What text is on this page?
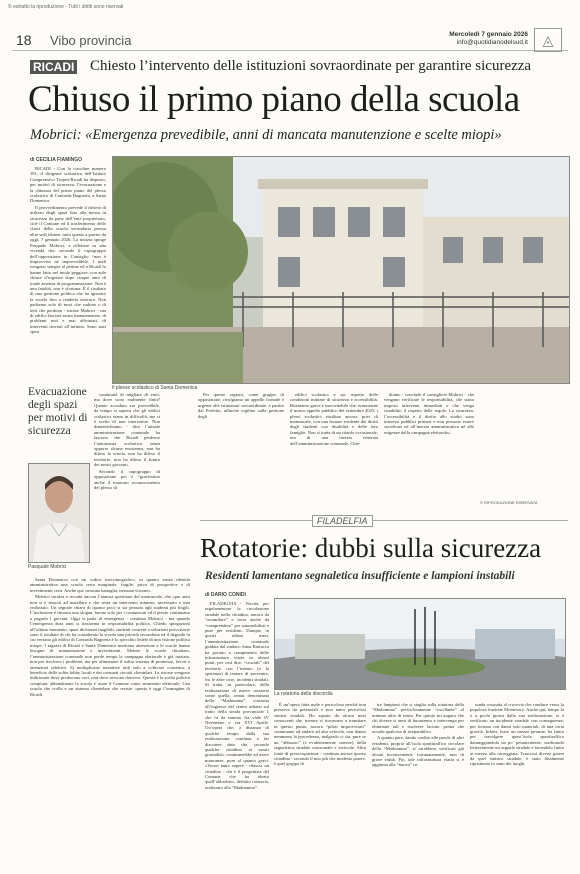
© estratto la riproduzione - Tutti i diritti sono riservati
18 Vibo provincia	Mercoledì 7 gennaio 2026
info@quotidianodelsud.it	◬
RICADI Chiesto l’intervento delle istituzioni sovraordinate per garantire sicurezza
Chiuso il primo piano della scuola
Mobrici: «Emergenza prevedibile, anni di mancata manutenzione e scelte miopi»
di CECILIA FIAMINGO

RICADI - Con la circolare numero 181, il dirigente scolastico dell’Istituto Comprensivo Tropea-Ricadi ha disposto, per motivi di sicurezza, l’evacuazione e la chiusura del primo piano del plesso scolastico di Contrada Bagnería, a Santa Domenica.

Il provvedimento prevede il divieto di utilizzo degli spazi fino alla messa in sicurezza da parte dell’ente proprietario, cioè il Comune ed il trasferimento delle classi della scuola secondaria presso altre sedi idonee, tutto questo a partire da oggi, 7 gennaio 2026. La notizia spinge Pasquale Mobrici, a riflettere su una vicenda che, secondo il capogruppo dell’opposizione in Consiglio “non è improvvisa né imprevedibile. I nodi vengono sempre al pettine ed a Ricadi lo hanno fatto nel modo peggiore: con aule chiuse d’urgenza dopo cinque anni di totale assenza di programmazione. Non è una fatalità, non è sfortuna. È il risultato di una gestione politica che ha ignorato la scuola fino a renderla insicura. Non parliamo solo di muri che cadono o di tetti che perdono - insiste Mobrici - ma di edifici lasciati senza manutenzione, di problemi noti e mai affrontati, di interventi rinviati all’infinito. Sono stati spesi

Il plesso scolastico di Santa Domenica
Evacuazione degli spazi per motivi di sicurezza
Pasquale Mobrici

continuità di migliaia di euro, ma dove sono realmente finiti? Quanto accaduto era prevedibile, da tempo si sapeva che gli edifici scolastici erano in difficoltà, ma si è scelto di non intervenire. Non dimentichiamo - dice l’attuale amministrazione comunale ha lasciato che Ricadi perdesse l’autonomia scolastica senza opporre alcuna resistenza, non ha difeso la scuola, non ha difeso il territorio, non ha difeso il futuro dei nostri giovani».

Secondo il capogruppo di opposizione poi è “gravissimo anche il mancato riconoscimento del plesso di

Santa Domenica con un codice meccanografico, in quanto senza identità amministrativa una scuola resta marginale, fragile, priva di prospettive e di investimenti certi. Anche qui: nessuna battaglia, nessuna visione».

Mobrici incalza e ricorda ancora l’annosa questione del montascale, che «per anni non si è riusciti ad installare e che resta un intervento minimo, necessario e mai realizzato. Un segnale chiaro di quanto poco si sia pensato agli studenti più fragili. L’inclusione è rimasta uno slogan, buono solo per i comunicati ed il presto continuano a pagarlo i giovani. Oggi si parla di emergenza - continua Mobrici - ma quando l’emergenza dura anni si trasforma in responsabilità politica. Chiedo spiegazioni all’ultimo momento, spazi dichiarati inagibili, studenti costretti a soluzioni provvisorie sono il risultato di chi ha considerato la scuola una priorità secondaria ed il degrado in cui versano gli edifici di Contrada Bagnería è lo specchio fedele di una visione politica miope. I ragazzi di Ricadi e Santa Domenica meritano attenzione e le scuole hanno bisogno di manutenzione e investimenti. Mentre le scuole chiudono, l’amministrazione comunale non perde tempo la campagna elettorale è già iniziata, non per risolvere i problemi, ma per alimentare il solito sistema di promesse, favori e attenzioni selettive. Si moltiplicano iniziative utili solo a coltivare consenso, a beneficio delle solite lobby locali e dei consueti circuiti clientelari. Le risorse vengono indirizzate dove producono voti, non dove servono davvero. Questa è la scelta politica compiuta: abbandonare la scuola e usare il Comune come strumento elettorale. Una scuola che crolla e un sistema clientelare che resiste: questa è oggi l’immagine di Ricadi.

Per queste ragioni, come gruppo di opposizione, rivolgiamo un appello formale e urgente alle istituzioni sovraordinate, a partire dal Prefetto, affinché vigilino sulla gestione degli

edifici scolastici e sui rispetto delle condizioni minime di sicurezza e accessibilità. Riteniamo grave e inaccettabile che, nonostante il nostro appello pubblico del settembre 2025, i plessi scolastici risultino ancora privi di montascale, con una lesione evidente dei diritti degli studenti con disabilità e delle loro famiglie. Non si tratta di un ritardo occasionale, ma di una inerzia reiterata dell’amministrazione comunale. Chie-

diamo - conclude il consigliere Mobrici - che vengano verificate le responsabilità, che siano imposti interventi immediati e che venga ristabilito il rispetto delle regole. La sicurezza, l’accessibilità e il diritto allo studio sono interessi pubblici primari e non possono essere sacrificati né all’inerzia amministrativa né alle esigenze della campagna elettorale».

© RIPRODUZIONE RISERVATA
FILADELFIA
Rotatorie: dubbi sulla sicurezza
Residenti lamentano segnaletica insufficiente e lampioni instabili
di DARIO CONIDI

FILADELFIA - Novità, per regolamentare la circolazione stradale nella cittadina, ancora da “assimilare” e forse anche da “comprendere” per automobilisti e pure per residenti. Dunque, in questi ultimi mesi, l’amministrazione comunale guidata dal sindaco Anna Bartucca ha portato a compimento delle infrastrutture viarie in alcuni punti, per così dire, “cruciali” del territorio con l’intento (o la speranza) di tentare di prevenire, fra le altre cose, incidenti stradali. Si tratta, in particolare, della realizzazione di nuove rotatorie come quella, ormai denominata della “Madonnina”, costruita all’ingresso del centro urbano sul tratto della strada provinciale 1 che fa da innesto fra viale IV Novembre e via XVI Aprile. Un’opera che, a distanza di qualche tempo dalla sua realizzazione, continua a far discutere dato che, secondo qualche cittadino ai nostri giornalisti, continuerebbe ad avere mancanze, pure al quanto gravi. «Vorrei tanto sapere - rilascia un cittadino - chi è il progettista del Comune che ha ideato quell’obbrobrio, definito rotatoria, realizzato alla “Madonnina”.

La rotatoria della discordia

È un’opera fatta male e pericolosa perché non preserva da potenziali e non tanto pericolosi sinistri stradali. Ho saputo da alcuni miei conoscenti che, mentre si trovavano a transitare in questo punto, ancora “piloti improvvisati” continuano ad andare ad alta velocità, non danno nemmeno la precedenza, malgrado ci sia, pure se un “abbozzo” (e evidentemente carente), della segnaletica stradale orizzontale e verticale. Altra fonte di preoccupazione - continua ancora questo cittadino - secondo il mio più che modesto parere, è quel gruppo di

tre lampioni che si staglia sulla rotatoria della “Madonnina” pericolosamente “oscillante” al minimo alito di vento. Per questo mi auguro che chi dovere si armi di buonsenso e intervenga per eliminare tali e risolvere lacune, prima che accada qualcosa di irreparabile».

A quanto pare, dando credito alle parole di altri residenti, proprio all’isola spartitraffico circolare della “Madonnina”, si sarebbero verificati già alcuni inconvenienti, fortunatamente, non di grave entità. Poi, tale infrastruttura viaria si è aggiunta alla “nuova” ro-

tonda costruita al crocevia che conduce verso la popolosa frazione Montesoro. Anche qui, tempo fa e a pochi giorni dalla sua realizzazione, si è verificato un incidente stradale con conseguenze, per fortuna con danni solo materiali, di una certa gravità. Infatti, forse un mezzo pesante, ha finito per travolgere quest’isola spartitraffico danneggiandola un po’ pesantemente, sradicando letteralmente un segnale stradale e facendolo finire in mezzo alla carreggiata. Trascorsi diversi giorni da quel sinistro stradale, è stato finalmente ripristinato lo stato dei luoghi.
